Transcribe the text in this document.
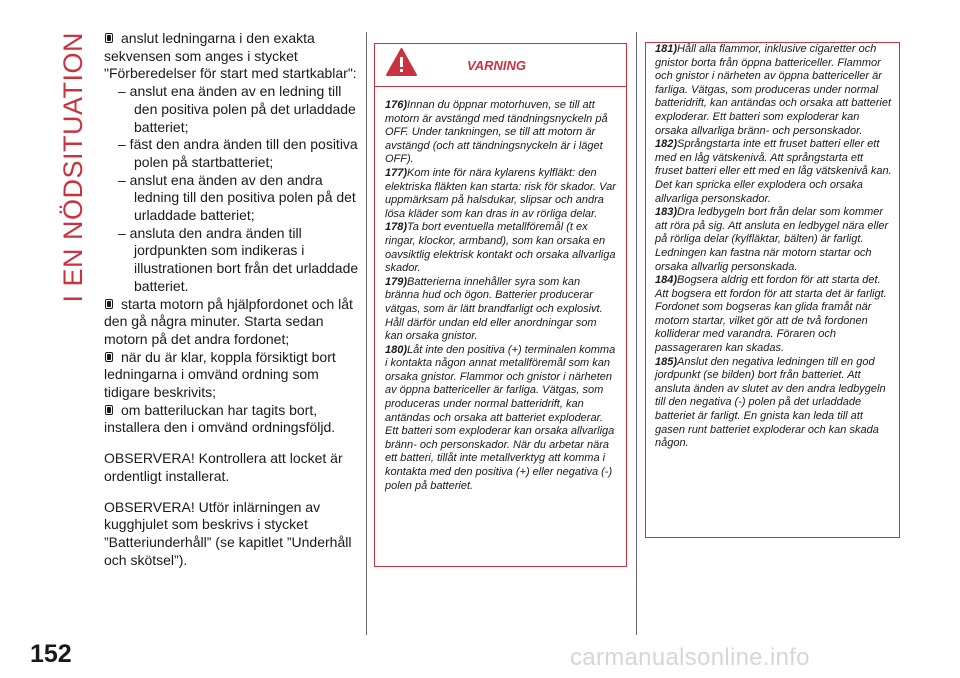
I EN NÖDSITUATION	anslut ledningarna i den exakta sekvensen som anges i stycket "Förberedelser för start med startkablar":
– anslut ena änden av en ledning till den positiva polen på det urladdade batteriet;
– fäst den andra änden till den positiva polen på startbatteriet;
– anslut ena änden av den andra ledning till den positiva polen på det urladdade batteriet;
– ansluta den andra änden till jordpunkten som indikeras i illustrationen bort från det urladdade batteriet.
starta motorn på hjälpfordonet och låt den gå några minuter. Starta sedan motorn på det andra fordonet;
när du är klar, koppla försiktigt bort ledningarna i omvänd ordning som tidigare beskrivits;
om batteriluckan har tagits bort, installera den i omvänd ordningsföljd.
OBSERVERA! Kontrollera att locket är ordentligt installerat.
OBSERVERA! Utför inlärningen av kugghjulet som beskrivs i stycket ”Batteriunderhåll” (se kapitlet ”Underhåll och skötsel”).
VARNING
176)Innan du öppnar motorhuven, se till att motorn är avstängd med tändningsnyckeln på OFF. Under tankningen, se till att motorn är avstängd (och att tändningsnyckeln är i läget OFF).
177)Kom inte för nära kylarens kylfläkt: den elektriska fläkten kan starta: risk för skador. Var uppmärksam på halsdukar, slipsar och andra lösa kläder som kan dras in av rörliga delar.
178)Ta bort eventuella metallföremål (t ex ringar, klockor, armband), som kan orsaka en oavsiktlig elektrisk kontakt och orsaka allvarliga skador.
179)Batterierna innehåller syra som kan bränna hud och ögon. Batterier producerar vätgas, som är lätt brandfarligt och explosivt. Håll därför undan eld eller anordningar som kan orsaka gnistor.
180)Låt inte den positiva (+) terminalen komma i kontakta någon annat metallföremål som kan orsaka gnistor. Flammor och gnistor i närheten av öppna battericeller är farliga. Vätgas, som produceras under normal batteridrift, kan antändas och orsaka att batteriet exploderar. Ett batteri som exploderar kan orsaka allvarliga bränn- och personskador. När du arbetar nära ett batteri, tillåt inte metallverktyg att komma i kontakta med den positiva (+) eller negativa (-) polen på batteriet.
181)Håll alla flammor, inklusive cigaretter och gnistor borta från öppna battericeller. Flammor och gnistor i närheten av öppna battericeller är farliga. Vätgas, som produceras under normal batteridrift, kan antändas och orsaka att batteriet exploderar. Ett batteri som exploderar kan orsaka allvarliga bränn- och personskador.
182)Språngstarta inte ett fruset batteri eller ett med en låg vätskenivå. Att språngstarta ett fruset batteri eller ett med en låg vätskenivå kan. Det kan spricka eller explodera och orsaka allvarliga personskador.
183)Dra ledbygeln bort från delar som kommer att röra på sig. Att ansluta en ledbygel nära eller på rörliga delar (kylfläktar, bälten) är farligt. Ledningen kan fastna när motorn startar och orsaka allvarlig personskada.
184)Bogsera aldrig ett fordon för att starta det. Att bogsera ett fordon för att starta det är farligt. Fordonet som bogseras kan glida framåt när motorn startar, vilket gör att de två fordonen kolliderar med varandra. Föraren och passageraren kan skadas.
185)Anslut den negativa ledningen till en god jordpunkt (se bilden) bort från batteriet. Att ansluta änden av slutet av den andra ledbygeln till den negativa (-) polen på det urladdade batteriet är farligt. En gnista kan leda till att gasen runt batteriet exploderar och kan skada någon.
152	carmanualsonline.info
